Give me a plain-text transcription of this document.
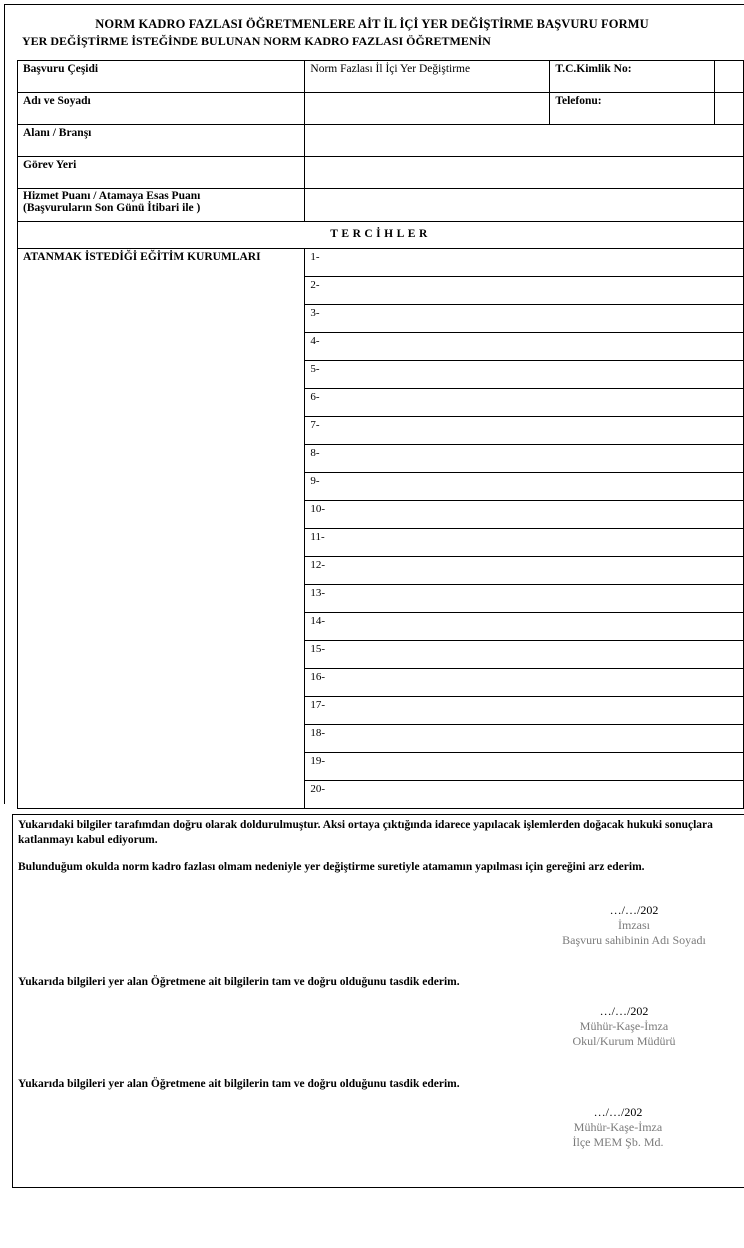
NORM KADRO FAZLASI ÖĞRETMENLERE AİT İL İÇİ YER DEĞİŞTİRME BAŞVURU FORMU
YER DEĞİŞTİRME İSTEĞİNDE BULUNAN NORM KADRO FAZLASI ÖĞRETMENİN
Başvuru Çeşidi	Norm Fazlası İl İçi Yer Değiştirme	T.C.Kimlik No:	
Adı ve Soyadı		Telefonu:	
Alanı / Branşı			
Görev Yeri			

Hizmet Puanı / Atamaya Esas Puanı
(Başvuruların Son Günü İtibari ile )			

TERCİHLER			
ATANMAK İSTEDİĞİ EĞİTİM KURUMLARI	1-		
	2-		
	3-		
	4-		
	5-		
	6-		
	7-		
	8-		
	9-		
	10-		
	11-		
	12-		
	13-		
	14-		
	15-		
	16-		
	17-		
	18-		
	19-		
	20-		
Yukarıdaki bilgiler tarafımdan doğru olarak doldurulmuştur. Aksi ortaya çıktığında idarece yapılacak işlemlerden doğacak hukuki sonuçlara katlanmayı kabul ediyorum.
Bulunduğum okulda norm kadro fazlası olmam nedeniyle yer değiştirme suretiyle atamamın yapılması için gereğini arz ederim.
…/…/202
İmzası
Başvuru sahibinin Adı Soyadı
Yukarıda bilgileri yer alan Öğretmene ait bilgilerin tam ve doğru olduğunu tasdik ederim.
…/…/202
Mühür-Kaşe-İmza
Okul/Kurum Müdürü
Yukarıda bilgileri yer alan Öğretmene ait bilgilerin tam ve doğru olduğunu tasdik ederim.
…/…/202
Mühür-Kaşe-İmza
İlçe MEM Şb. Md.
